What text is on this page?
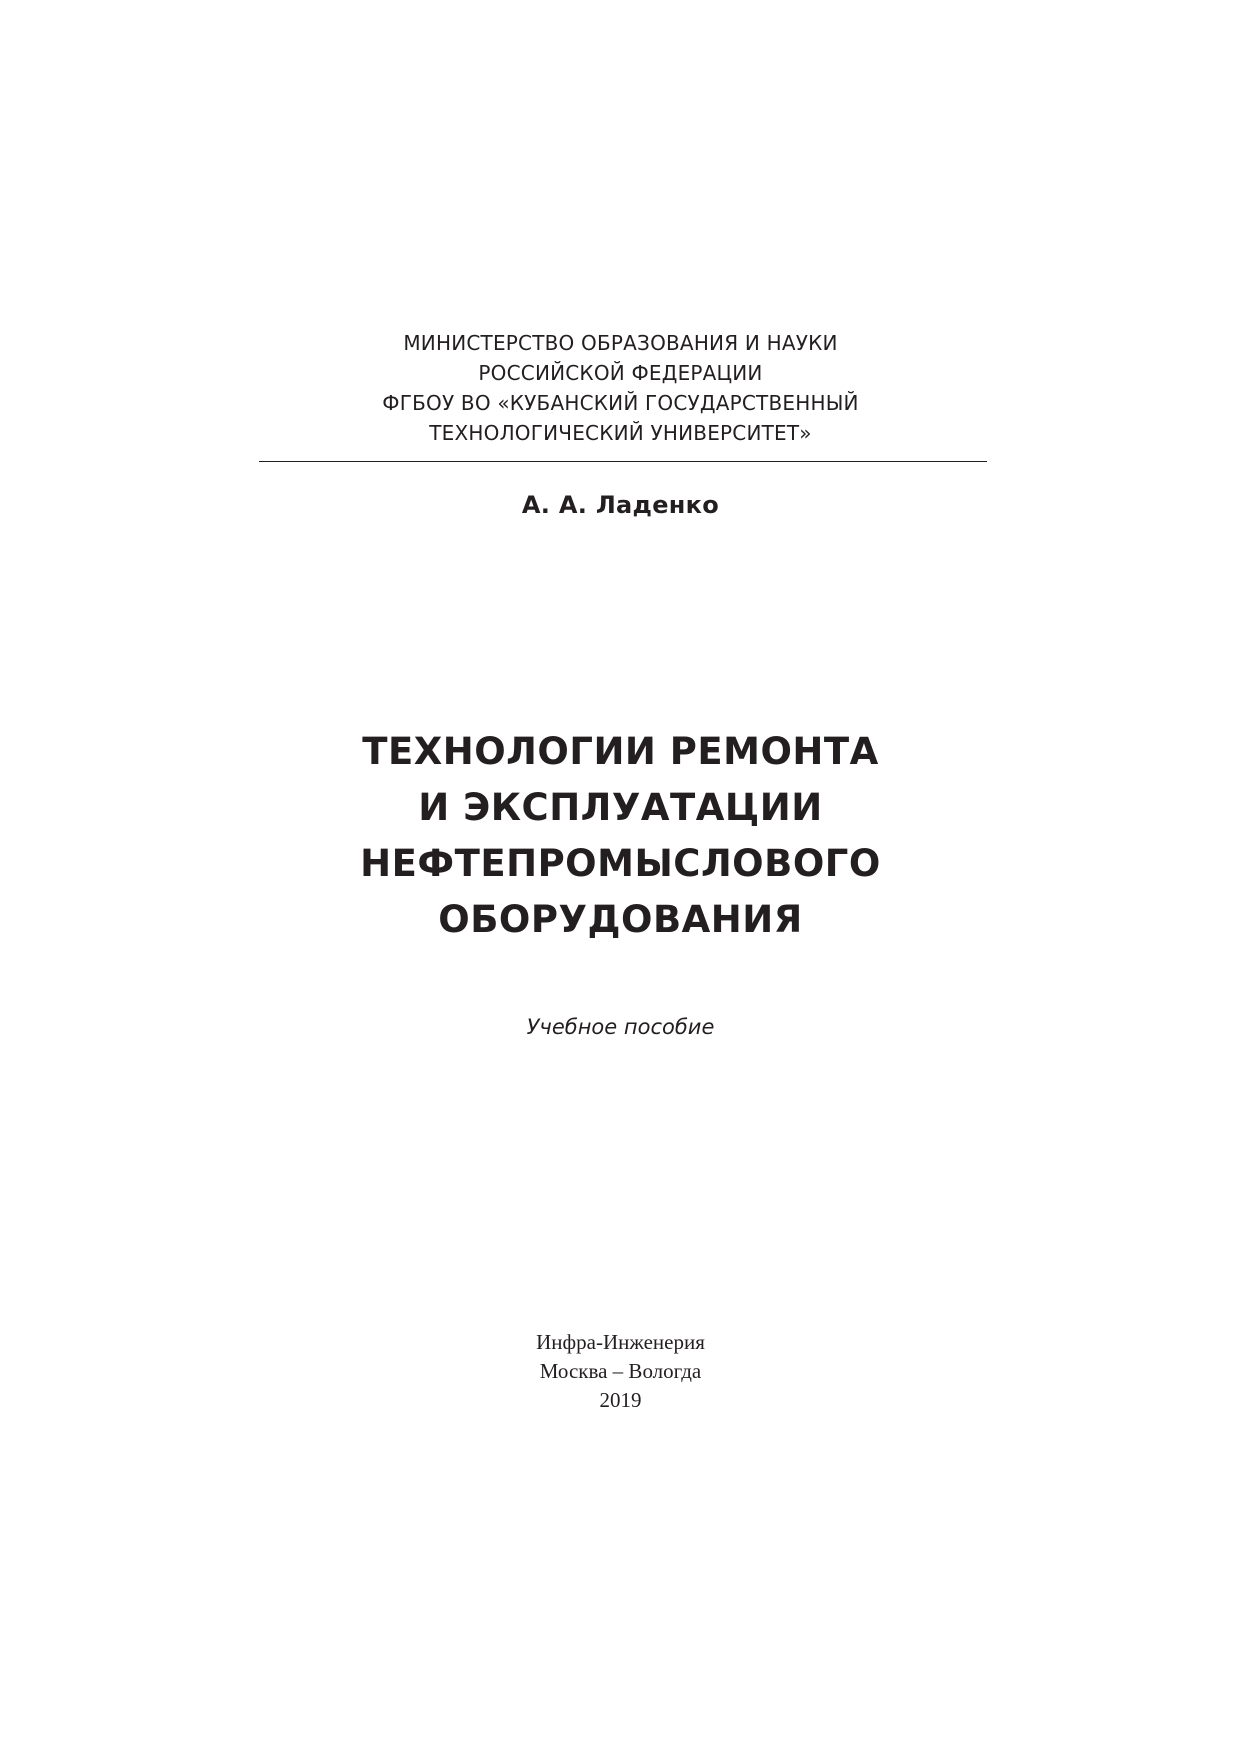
МИНИСТЕРСТВО ОБРАЗОВАНИЯ И НАУКИ
РОССИЙСКОЙ ФЕДЕРАЦИИ
ФГБОУ ВО «КУБАНСКИЙ ГОСУДАРСТВЕННЫЙ
ТЕХНОЛОГИЧЕСКИЙ УНИВЕРСИТЕТ»
А. А. Ладенко
ТЕХНОЛОГИИ РЕМОНТА
И ЭКСПЛУАТАЦИИ
НЕФТЕПРОМЫСЛОВОГО
ОБОРУДОВАНИЯ
Учебное пособие
Инфра-Инженерия
Москва – Вологда
2019
